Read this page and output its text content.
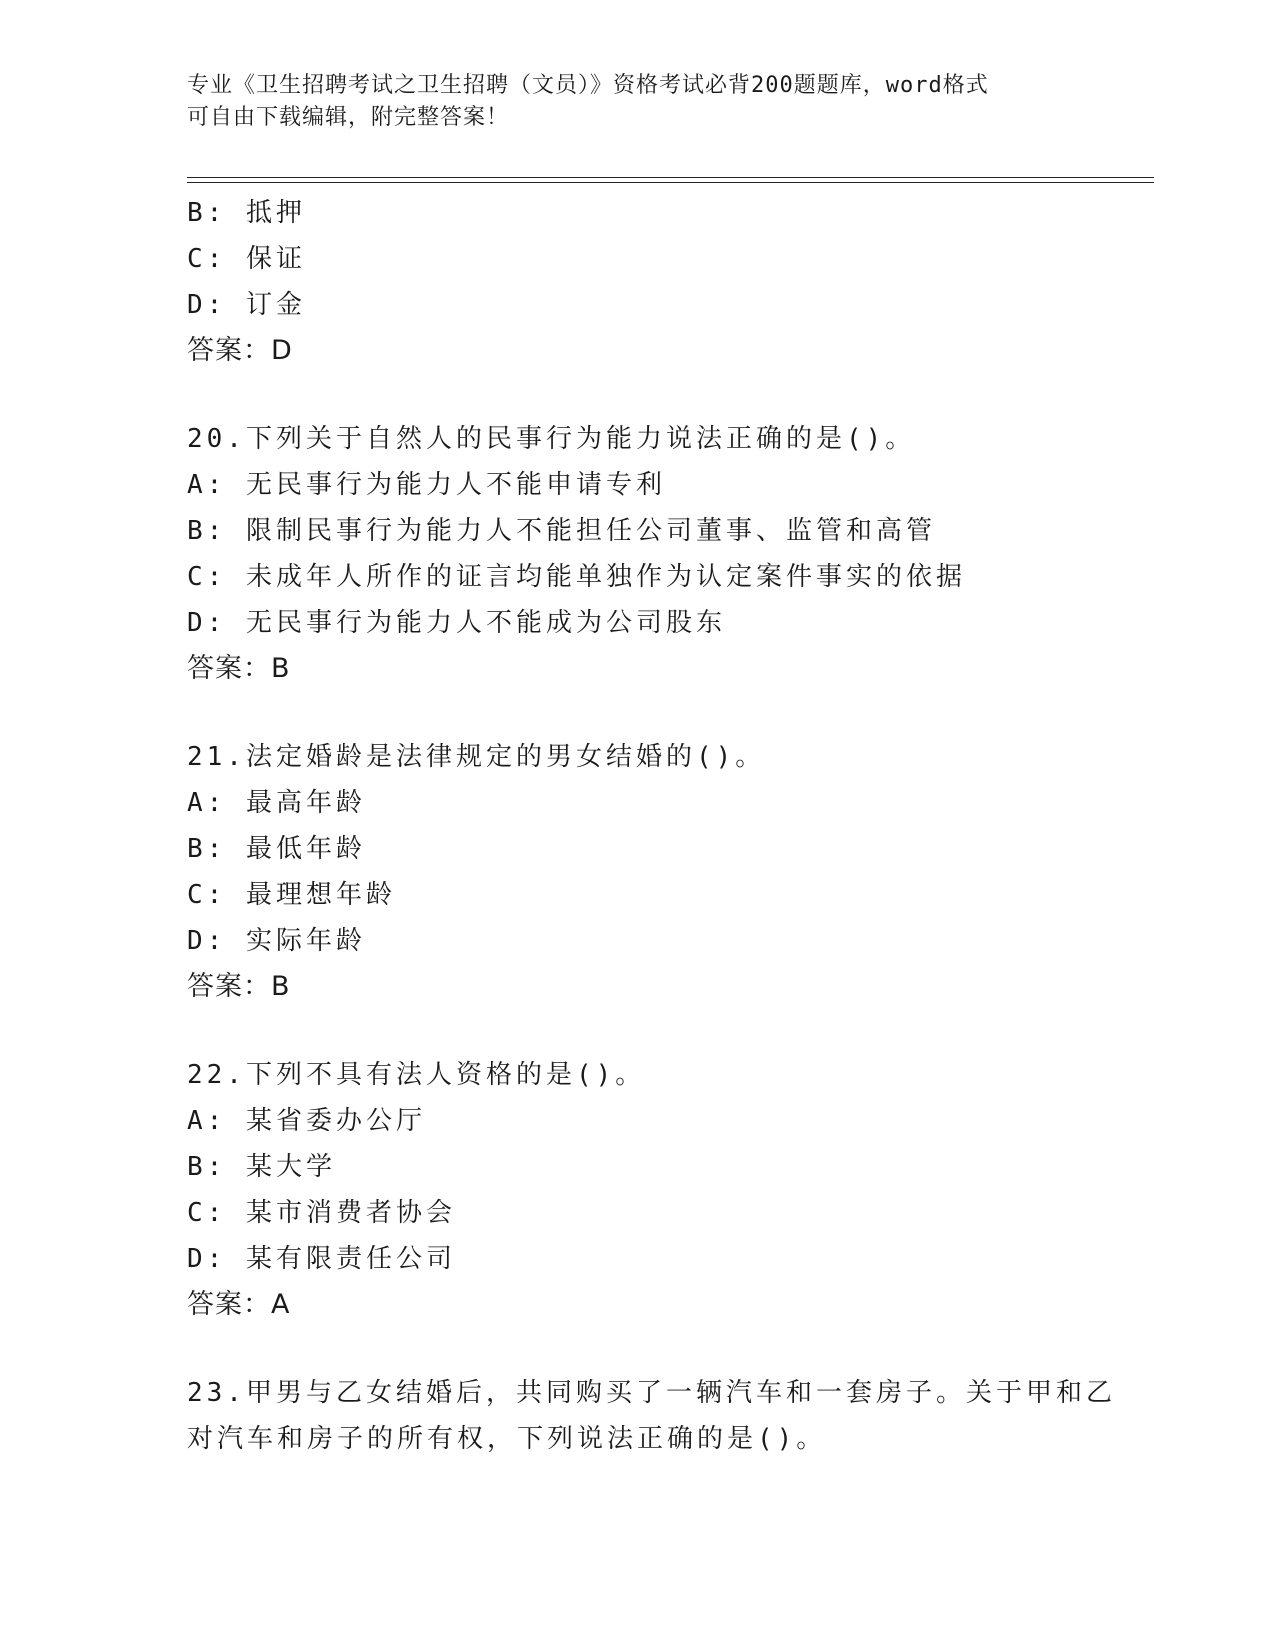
专业《卫生招聘考试之卫生招聘（文员）》资格考试必背200题题库，word格式
可自由下载编辑，附完整答案！
B: 抵押
C: 保证
D: 订金
答案：D
20.下列关于自然人的民事行为能力说法正确的是()。
A: 无民事行为能力人不能申请专利
B: 限制民事行为能力人不能担任公司董事、监管和高管
C: 未成年人所作的证言均能单独作为认定案件事实的依据
D: 无民事行为能力人不能成为公司股东
答案：B
21.法定婚龄是法律规定的男女结婚的()。
A: 最高年龄
B: 最低年龄
C: 最理想年龄
D: 实际年龄
答案：B
22.下列不具有法人资格的是()。
A: 某省委办公厅
B: 某大学
C: 某市消费者协会
D: 某有限责任公司
答案：A
23.甲男与乙女结婚后，共同购买了一辆汽车和一套房子。关于甲和乙
对汽车和房子的所有权，下列说法正确的是()。
